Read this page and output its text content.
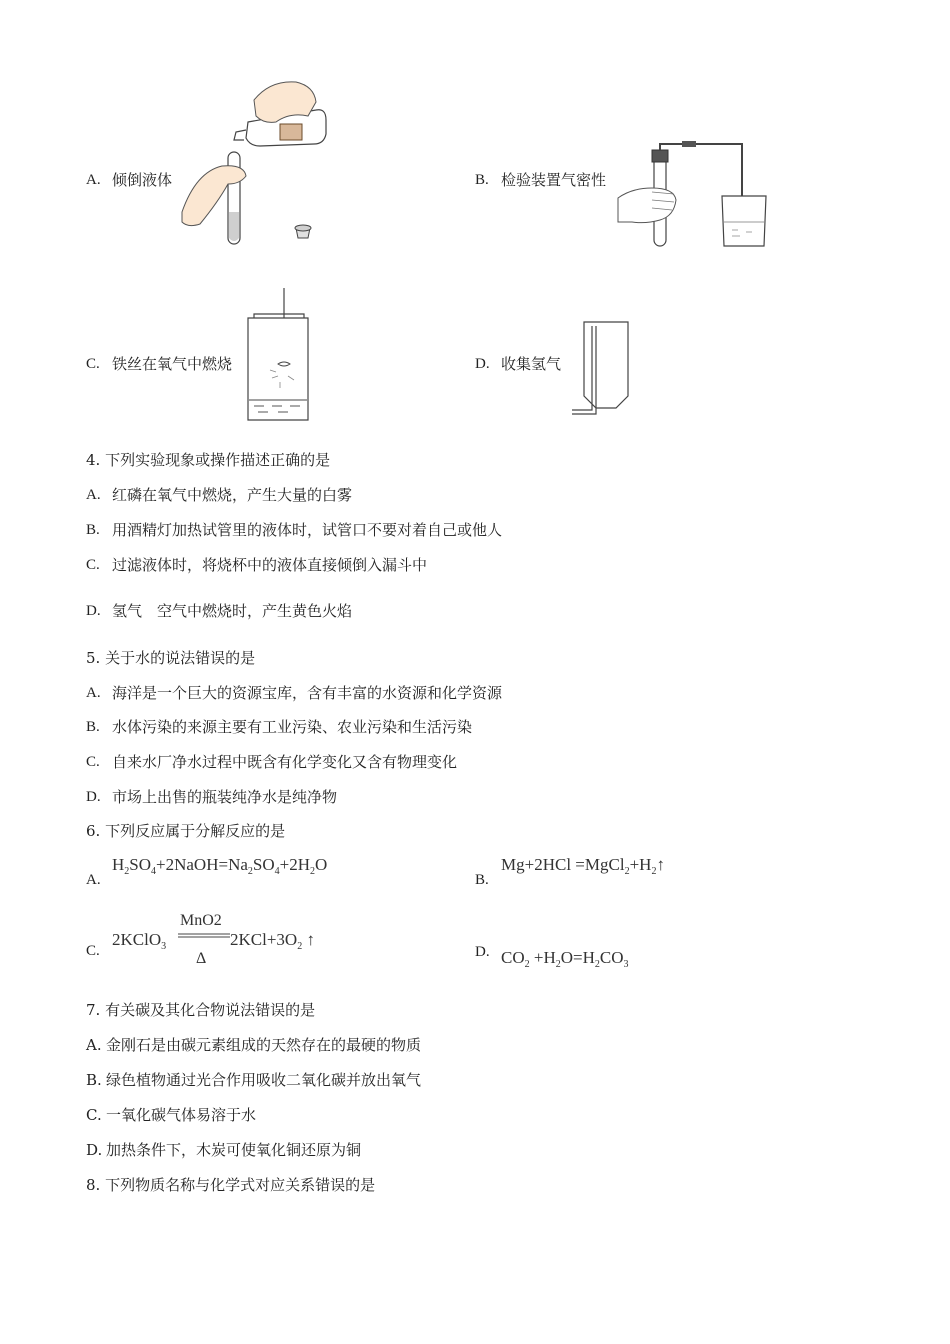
A. 倾倒液体	B. 检验装置气密性
C. 铁丝在氧气中燃烧	D. 收集氢气
4. 下列实验现象或操作描述正确的是
A. 红磷在氧气中燃烧，产生大量的白雾
B. 用酒精灯加热试管里的液体时，试管口不要对着自己或他人
C. 过滤液体时，将烧杯中的液体直接倾倒入漏斗中
D. 氢气　空气中燃烧时，产生黄色火焰
5. 关于水的说法错误的是
A. 海洋是一个巨大的资源宝库，含有丰富的水资源和化学资源
B. 水体污染的来源主要有工业污染、农业污染和生活污染
C. 自来水厂净水过程中既含有化学变化又含有物理变化
D. 市场上出售的瓶装纯净水是纯净物
6. 下列反应属于分解反应的是
A.
$H_2SO_4+2NaOH=Na_2SO_4+2H_2O$
B.
$Mg+2HCl =MgCl_2+H_2↑$
C.
2KClO$_3$
MnO2
Δ
$2KCl+3O_2$ ↑
D. $CO_2 +H_2O=H_2CO_3$
7. 有关碳及其化合物说法错误的是
A. 金刚石是由碳元素组成的天然存在的最硬的物质
B. 绿色植物通过光合作用吸收二氧化碳并放出氧气
C. 一氧化碳气体易溶于水
D. 加热条件下，木炭可使氧化铜还原为铜
8. 下列物质名称与化学式对应关系错误的是
